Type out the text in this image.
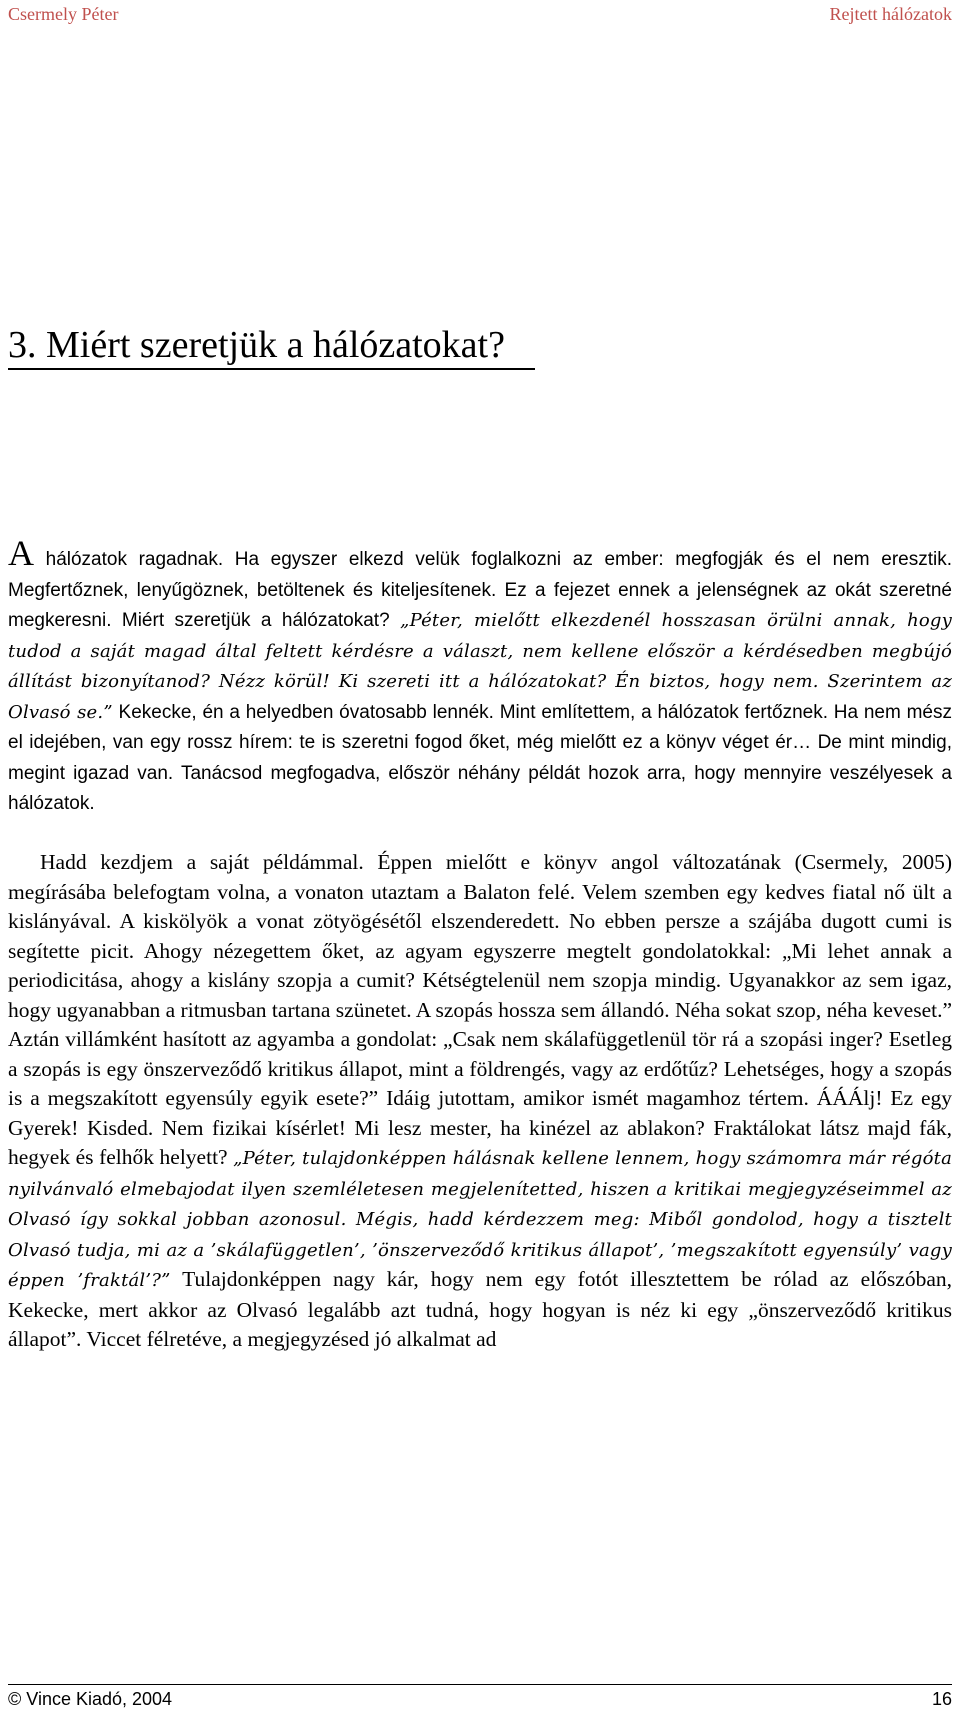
Csermely Péter	Rejtett hálózatok
3. Miért szeretjük a hálózatokat?

A hálózatok ragadnak. Ha egyszer elkezd velük foglalkozni az ember: megfogják és el nem eresztik. Megfertőznek, lenyűgöznek, betöltenek és kiteljesítenek. Ez a fejezet ennek a jelenségnek az okát szeretné megkeresni. Miért szeretjük a hálózatokat? „Péter, mielőtt elkezdenél hosszasan örülni annak, hogy tudod a saját magad által feltett kérdésre a választ, nem kellene először a kérdésedben megbújó állítást bizonyítanod? Nézz körül! Ki szereti itt a hálózatokat? Én biztos, hogy nem. Szerintem az Olvasó se.” Kekecke, én a helyedben óvatosabb lennék. Mint említettem, a hálózatok fertőznek. Ha nem mész el idejében, van egy rossz hírem: te is szeretni fogod őket, még mielőtt ez a könyv véget ér… De mint mindig, megint igazad van. Tanácsod megfogadva, először néhány példát hozok arra, hogy mennyire veszélyesek a hálózatok.

Hadd kezdjem a saját példámmal. Éppen mielőtt e könyv angol változatának (Csermely, 2005) megírásába belefogtam volna, a vonaton utaztam a Balaton felé. Velem szemben egy kedves fiatal nő ült a kislányával. A kiskölyök a vonat zötyögésétől elszenderedett. No ebben persze a szájába dugott cumi is segítette picit. Ahogy nézegettem őket, az agyam egyszerre megtelt gondolatokkal: „Mi lehet annak a periodicitása, ahogy a kislány szopja a cumit? Kétségtelenül nem szopja mindig. Ugyanakkor az sem igaz, hogy ugyanabban a ritmusban tartana szünetet. A szopás hossza sem állandó. Néha sokat szop, néha keveset.” Aztán villámként hasított az agyamba a gondolat: „Csak nem skálafüggetlenül tör rá a szopási inger? Esetleg a szopás is egy önszerveződő kritikus állapot, mint a földrengés, vagy az erdőtűz? Lehetséges, hogy a szopás is a megszakított egyensúly egyik esete?” Idáig jutottam, amikor ismét magamhoz tértem. ÁÁÁlj! Ez egy Gyerek! Kisded. Nem fizikai kísérlet! Mi lesz mester, ha kinézel az ablakon? Fraktálokat látsz majd fák, hegyek és felhők helyett? „Péter, tulajdonképpen hálásnak kellene lennem, hogy számomra már régóta nyilvánvaló elmebajodat ilyen szemléletesen megjelenítetted, hiszen a kritikai megjegyzéseimmel az Olvasó így sokkal jobban azonosul. Mégis, hadd kérdezzem meg: Miből gondolod, hogy a tisztelt Olvasó tudja, mi az a ’skálafüggetlen’, ’önszerveződő kritikus állapot’, ’megszakított egyensúly’ vagy éppen ’fraktál’?” Tulajdonképpen nagy kár, hogy nem egy fotót illesztettem be rólad az előszóban, Kekecke, mert akkor az Olvasó legalább azt tudná, hogy hogyan is néz ki egy „önszerveződő kritikus állapot”. Viccet félretéve, a megjegyzésed jó alkalmat ad

© Vince Kiadó, 2004	16
